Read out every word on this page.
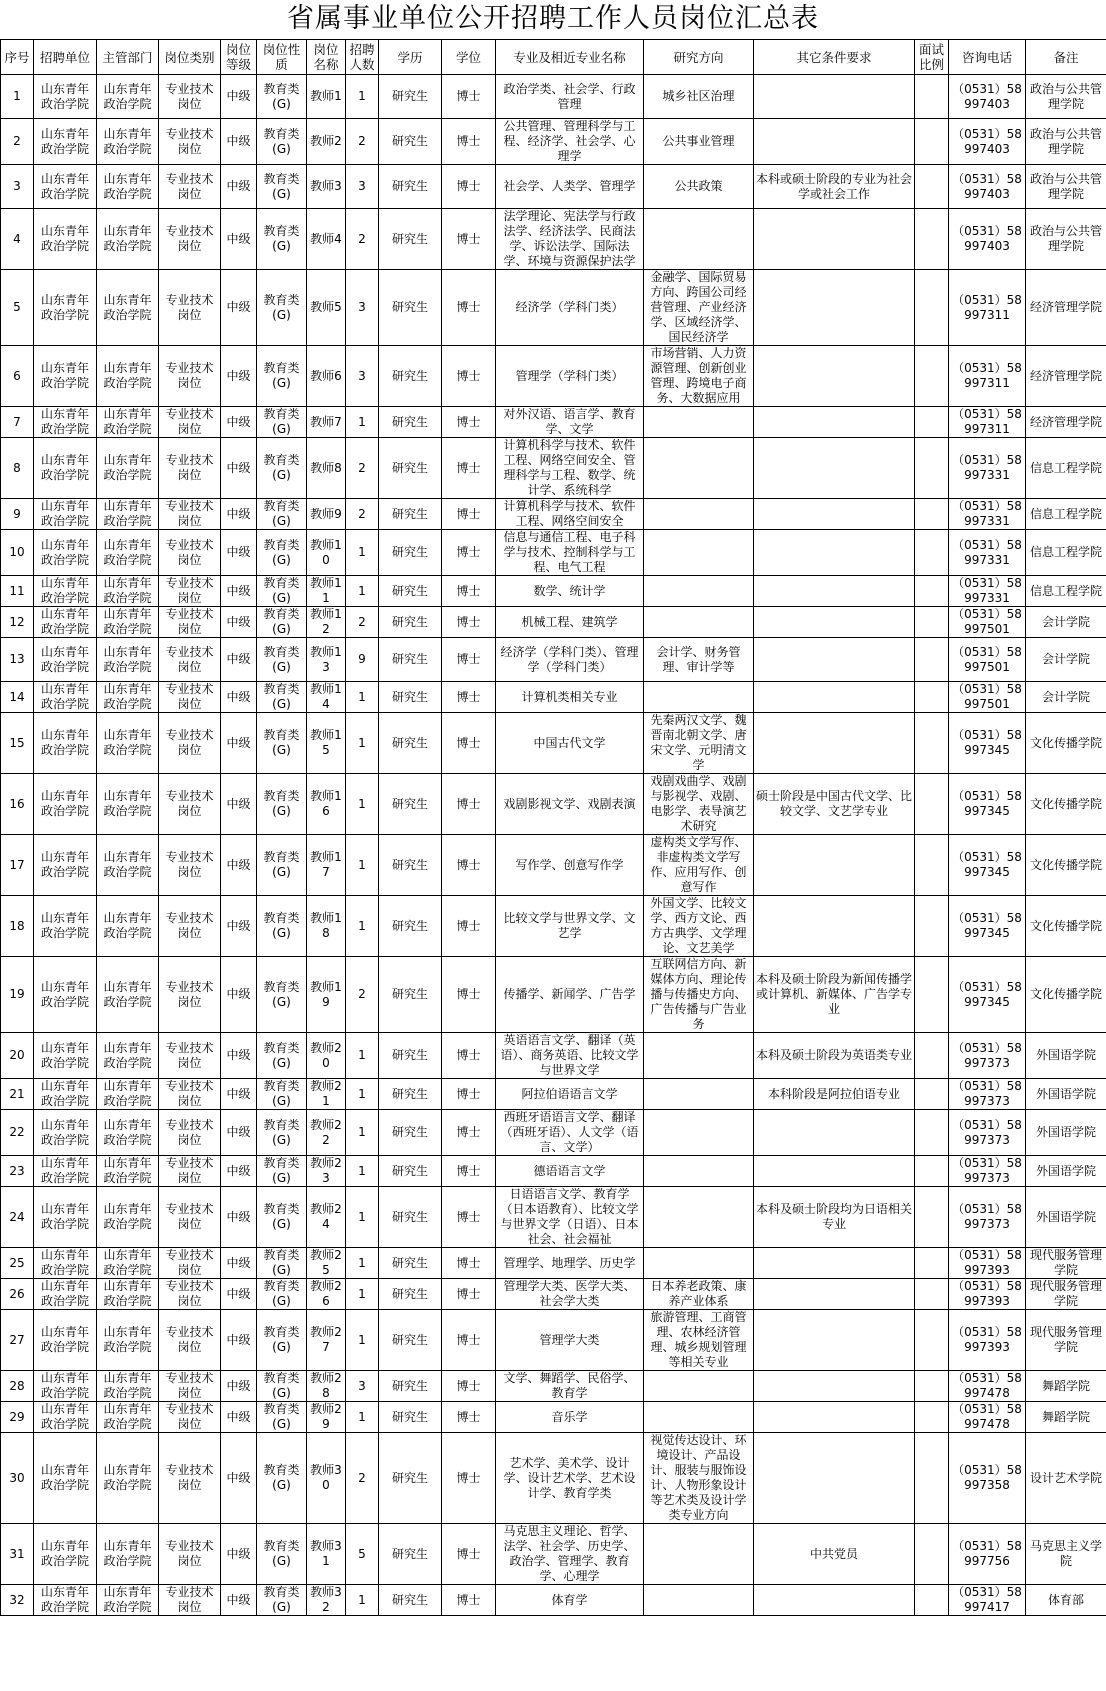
省属事业单位公开招聘工作人员岗位汇总表
序号	招聘单位	主管部门	岗位类别	岗位等级	岗位性质	岗位名称	招聘人数	学历	学位	专业及相近专业名称	研究方向	其它条件要求	面试比例	咨询电话	备注
1	山东青年政治学院	山东青年政治学院	专业技术岗位	中级	教育类(G)	教师1	1	研究生	博士	政治学类、社会学、行政管理	城乡社区治理			（0531）58997403	政治与公共管理学院
2	山东青年政治学院	山东青年政治学院	专业技术岗位	中级	教育类(G)	教师2	2	研究生	博士	公共管理、管理科学与工程、经济学、社会学、心理学	公共事业管理			（0531）58997403	政治与公共管理学院
3	山东青年政治学院	山东青年政治学院	专业技术岗位	中级	教育类(G)	教师3	3	研究生	博士	社会学、人类学、管理学	公共政策	本科或硕士阶段的专业为社会学或社会工作		（0531）58997403	政治与公共管理学院
4	山东青年政治学院	山东青年政治学院	专业技术岗位	中级	教育类(G)	教师4	2	研究生	博士	法学理论、宪法学与行政法学、经济法学、民商法学、诉讼法学、国际法学、环境与资源保护法学				（0531）58997403	政治与公共管理学院
5	山东青年政治学院	山东青年政治学院	专业技术岗位	中级	教育类(G)	教师5	3	研究生	博士	经济学（学科门类）	金融学、国际贸易方向、跨国公司经营管理、产业经济学、区域经济学、国民经济学			（0531）58997311	经济管理学院
6	山东青年政治学院	山东青年政治学院	专业技术岗位	中级	教育类(G)	教师6	3	研究生	博士	管理学（学科门类）	市场营销、人力资源管理、创新创业管理、跨境电子商务、大数据应用			（0531）58997311	经济管理学院
7	山东青年政治学院	山东青年政治学院	专业技术岗位	中级	教育类(G)	教师7	1	研究生	博士	对外汉语、语言学、教育学、文学				（0531）58997311	经济管理学院
8	山东青年政治学院	山东青年政治学院	专业技术岗位	中级	教育类(G)	教师8	2	研究生	博士	计算机科学与技术、软件工程、网络空间安全、管理科学与工程、数学、统计学、系统科学				（0531）58997331	信息工程学院
9	山东青年政治学院	山东青年政治学院	专业技术岗位	中级	教育类(G)	教师9	2	研究生	博士	计算机科学与技术、软件工程、网络空间安全				（0531）58997331	信息工程学院
10	山东青年政治学院	山东青年政治学院	专业技术岗位	中级	教育类(G)	教师10	1	研究生	博士	信息与通信工程、电子科学与技术、控制科学与工程、电气工程				（0531）58997331	信息工程学院
11	山东青年政治学院	山东青年政治学院	专业技术岗位	中级	教育类(G)	教师11	1	研究生	博士	数学、统计学				（0531）58997331	信息工程学院
12	山东青年政治学院	山东青年政治学院	专业技术岗位	中级	教育类(G)	教师12	2	研究生	博士	机械工程、建筑学				（0531）58997501	会计学院
13	山东青年政治学院	山东青年政治学院	专业技术岗位	中级	教育类(G)	教师13	9	研究生	博士	经济学（学科门类）、管理学（学科门类）	会计学、财务管理、审计学等			（0531）58997501	会计学院
14	山东青年政治学院	山东青年政治学院	专业技术岗位	中级	教育类(G)	教师14	1	研究生	博士	计算机类相关专业				（0531）58997501	会计学院
15	山东青年政治学院	山东青年政治学院	专业技术岗位	中级	教育类(G)	教师15	1	研究生	博士	中国古代文学	先秦两汉文学、魏晋南北朝文学、唐宋文学、元明清文学			（0531）58997345	文化传播学院
16	山东青年政治学院	山东青年政治学院	专业技术岗位	中级	教育类(G)	教师16	1	研究生	博士	戏剧影视文学、戏剧表演	戏剧戏曲学、戏剧与影视学、戏剧、电影学、表导演艺术研究	硕士阶段是中国古代文学、比较文学、文艺学专业		（0531）58997345	文化传播学院
17	山东青年政治学院	山东青年政治学院	专业技术岗位	中级	教育类(G)	教师17	1	研究生	博士	写作学、创意写作学	虚构类文学写作、非虚构类文学写作、应用写作、创意写作			（0531）58997345	文化传播学院
18	山东青年政治学院	山东青年政治学院	专业技术岗位	中级	教育类(G)	教师18	1	研究生	博士	比较文学与世界文学、文艺学	外国文学、比较文学、西方文论、西方古典学、文学理论、文艺美学			（0531）58997345	文化传播学院
19	山东青年政治学院	山东青年政治学院	专业技术岗位	中级	教育类(G)	教师19	2	研究生	博士	传播学、新闻学、广告学	互联网信方向、新媒体方向、理论传播与传播史方向、广告传播与广告业务	本科及硕士阶段为新闻传播学或计算机、新媒体、广告学专业		（0531）58997345	文化传播学院
20	山东青年政治学院	山东青年政治学院	专业技术岗位	中级	教育类(G)	教师20	1	研究生	博士	英语语言文学、翻译（英语）、商务英语、比较文学与世界文学		本科及硕士阶段为英语类专业		（0531）58997373	外国语学院
21	山东青年政治学院	山东青年政治学院	专业技术岗位	中级	教育类(G)	教师21	1	研究生	博士	阿拉伯语语言文学		本科阶段是阿拉伯语专业		（0531）58997373	外国语学院
22	山东青年政治学院	山东青年政治学院	专业技术岗位	中级	教育类(G)	教师22	1	研究生	博士	西班牙语语言文学、翻译（西班牙语）、人文学（语言、文学）				（0531）58997373	外国语学院
23	山东青年政治学院	山东青年政治学院	专业技术岗位	中级	教育类(G)	教师23	1	研究生	博士	德语语言文学				（0531）58997373	外国语学院
24	山东青年政治学院	山东青年政治学院	专业技术岗位	中级	教育类(G)	教师24	1	研究生	博士	日语语言文学、教育学（日本语教育）、比较文学与世界文学（日语）、日本社会、社会福祉		本科及硕士阶段均为日语相关专业		（0531）58997373	外国语学院
25	山东青年政治学院	山东青年政治学院	专业技术岗位	中级	教育类(G)	教师25	1	研究生	博士	管理学、地理学、历史学				（0531）58997393	现代服务管理学院
26	山东青年政治学院	山东青年政治学院	专业技术岗位	中级	教育类(G)	教师26	1	研究生	博士	管理学大类、医学大类、社会学大类	日本养老政策、康养产业体系			（0531）58997393	现代服务管理学院
27	山东青年政治学院	山东青年政治学院	专业技术岗位	中级	教育类(G)	教师27	1	研究生	博士	管理学大类	旅游管理、工商管理、农林经济管理、城乡规划管理等相关专业			（0531）58997393	现代服务管理学院
28	山东青年政治学院	山东青年政治学院	专业技术岗位	中级	教育类(G)	教师28	3	研究生	博士	文学、舞蹈学、民俗学、教育学				（0531）58997478	舞蹈学院
29	山东青年政治学院	山东青年政治学院	专业技术岗位	中级	教育类(G)	教师29	1	研究生	博士	音乐学				（0531）58997478	舞蹈学院
30	山东青年政治学院	山东青年政治学院	专业技术岗位	中级	教育类(G)	教师30	2	研究生	博士	艺术学、美术学、设计学、设计艺术学、艺术设计学、教育学类	视觉传达设计、环境设计、产品设计、服装与服饰设计、人物形象设计等艺术类及设计学类专业方向			（0531）58997358	设计艺术学院
31	山东青年政治学院	山东青年政治学院	专业技术岗位	中级	教育类(G)	教师31	5	研究生	博士	马克思主义理论、哲学、法学、社会学、历史学、政治学、管理学、教育学、心理学		中共党员		（0531）58997756	马克思主义学院
32	山东青年政治学院	山东青年政治学院	专业技术岗位	中级	教育类(G)	教师32	1	研究生	博士	体育学				（0531）58997417	体育部
